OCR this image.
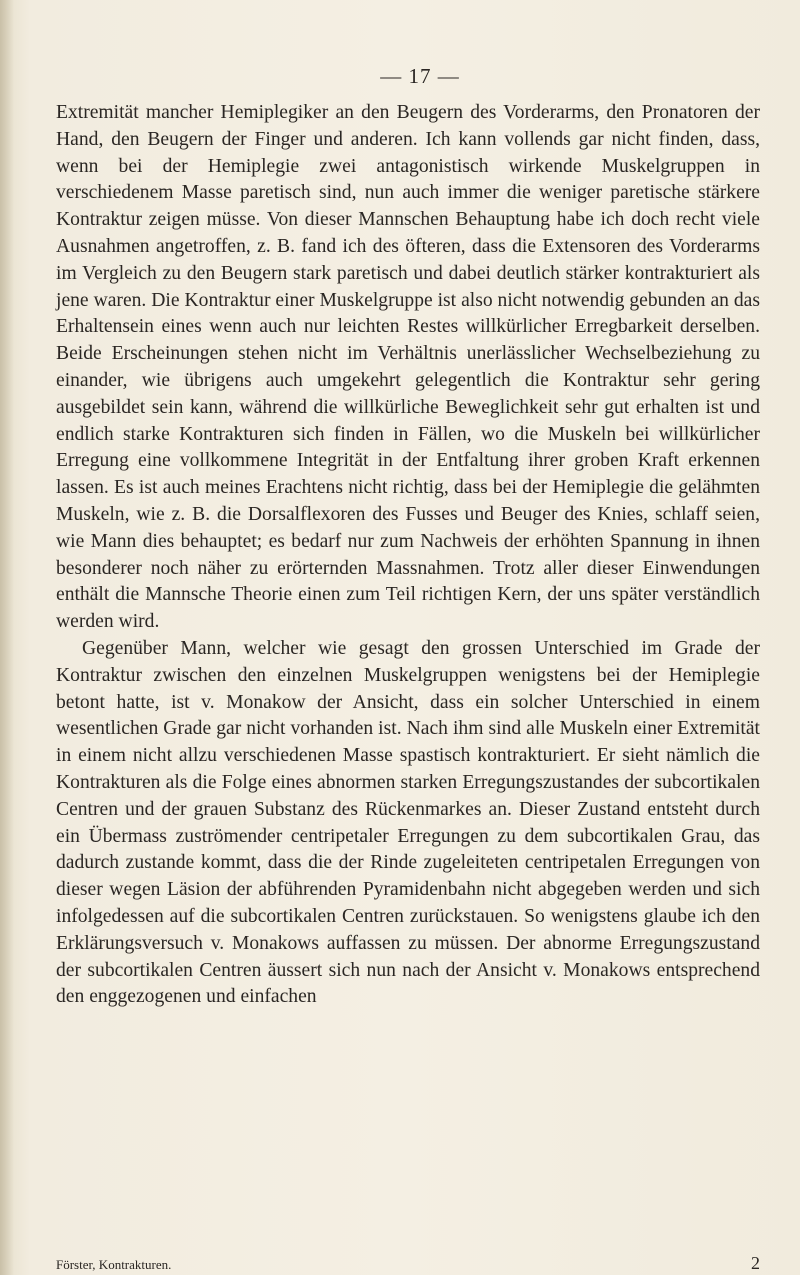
— 17 —

Extremität mancher Hemiplegiker an den Beugern des Vorderarms, den Pronatoren der Hand, den Beugern der Finger und anderen. Ich kann vollends gar nicht finden, dass, wenn bei der Hemiplegie zwei antagonistisch wirkende Muskelgruppen in verschiedenem Masse paretisch sind, nun auch immer die weniger paretische stärkere Kontraktur zeigen müsse. Von dieser Mannschen Behauptung habe ich doch recht viele Ausnahmen angetroffen, z. B. fand ich des öfteren, dass die Extensoren des Vorderarms im Vergleich zu den Beugern stark paretisch und dabei deutlich stärker kontrakturiert als jene waren. Die Kontraktur einer Muskelgruppe ist also nicht notwendig gebunden an das Erhaltensein eines wenn auch nur leichten Restes willkürlicher Erregbarkeit derselben. Beide Erscheinungen stehen nicht im Verhältnis unerlässlicher Wechselbeziehung zu einander, wie übrigens auch umgekehrt gelegentlich die Kontraktur sehr gering ausgebildet sein kann, während die willkürliche Beweglichkeit sehr gut erhalten ist und endlich starke Kontrakturen sich finden in Fällen, wo die Muskeln bei willkürlicher Erregung eine vollkommene Integrität in der Entfaltung ihrer groben Kraft erkennen lassen. Es ist auch meines Erachtens nicht richtig, dass bei der Hemiplegie die gelähmten Muskeln, wie z. B. die Dorsalflexoren des Fusses und Beuger des Knies, schlaff seien, wie Mann dies behauptet; es bedarf nur zum Nachweis der erhöhten Spannung in ihnen besonderer noch näher zu erörternden Massnahmen. Trotz aller dieser Einwendungen enthält die Mannsche Theorie einen zum Teil richtigen Kern, der uns später verständlich werden wird.

Gegenüber Mann, welcher wie gesagt den grossen Unterschied im Grade der Kontraktur zwischen den einzelnen Muskelgruppen wenigstens bei der Hemiplegie betont hatte, ist v. Monakow der Ansicht, dass ein solcher Unterschied in einem wesentlichen Grade gar nicht vorhanden ist. Nach ihm sind alle Muskeln einer Extremität in einem nicht allzu verschiedenen Masse spastisch kontrakturiert. Er sieht nämlich die Kontrakturen als die Folge eines abnormen starken Erregungszustandes der subcortikalen Centren und der grauen Substanz des Rückenmarkes an. Dieser Zustand entsteht durch ein Übermass zuströmender centripetaler Erregungen zu dem subcortikalen Grau, das dadurch zustande kommt, dass die der Rinde zugeleiteten centripetalen Erregungen von dieser wegen Läsion der abführenden Pyramidenbahn nicht abgegeben werden und sich infolgedessen auf die subcortikalen Centren zurückstauen. So wenigstens glaube ich den Erklärungsversuch v. Monakows auffassen zu müssen. Der abnorme Erregungszustand der subcortikalen Centren äussert sich nun nach der Ansicht v. Monakows entsprechend den enggezogenen und einfachen

Förster, Kontrakturen.	2
